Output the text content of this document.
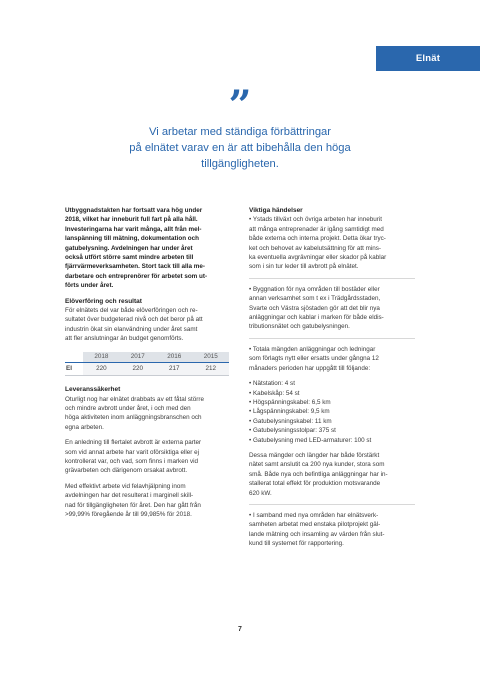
Elnät
”
Vi arbetar med ständiga förbättringar
på elnätet varav en är att bibehålla den höga
tillgängligheten.
Utbyggnadstakten har fortsatt vara hög under
2018, vilket har inneburit full fart på alla håll.
Investeringarna har varit många, allt från mel-
lanspänning till mätning, dokumentation och
gatubelysning. Avdelningen har under året
också utfört större samt mindre arbeten till
fjärrvärmeverksamheten. Stort tack till alla me-
darbetare och entreprenörer för arbetet som ut-
förts under året.
Elöverföring och resultat
För elnätets del var både elöverföringen och re-
sultatet över budgeterad nivå och det beror på att
industrin ökat sin elanvändning under året samt
att fler anslutningar än budget genomförts.
	2018	2017	2016	2015
EI	220	220	217	212
Leveranssäkerhet
Oturligt nog har elnätet drabbats av ett fåtal större
och mindre avbrott under året, i och med den
höga aktiviteten inom anläggningsbranschen och
egna arbeten.
En anledning till flertalet avbrott är externa parter
som vid annat arbete har varit oförsiktiga eller ej
kontrollerat var, och vad, som finns i marken vid
grävarbeten och därigenom orsakat avbrott.
Med effektivt arbete vid felavhjälpning inom
avdelningen har det resulterat i marginell skill-
nad för tillgängligheten för året. Den har gått från
>99,99% föregående år till 99,985% för 2018.
Viktiga händelser
• Ystads tillväxt och övriga arbeten har inneburit
att många entreprenader är igång samtidigt med
både externa och interna projekt. Detta ökar tryc-
ket och behovet av kabelutsättning för att mins-
ka eventuella avgrävningar eller skador på kablar
som i sin tur leder till avbrott på elnätet.
• Byggnation för nya områden till bostäder eller
annan verksamhet som t ex i Trädgårdsstaden,
Svarte och Västra sjöstaden gör att det blir nya
anläggningar och kablar i marken för både eldis-
tributionsnätet och gatubelysningen.
• Totala mängden anläggningar och ledningar
som förlagts nytt eller ersatts under gångna 12
månaders perioden har uppgått till följande:
• Nätstation: 4 st
• Kabelskåp: 54 st
• Högspänningskabel: 6,5 km
• Lågspänningskabel: 9,5 km
• Gatubelysningskabel: 11 km
• Gatubelysningsstolpar: 375 st
• Gatubelysning med LED-armaturer: 100 st
Dessa mängder och längder har både förstärkt
nätet samt anslutit ca 200 nya kunder, stora som
små. Både nya och befintliga anläggningar har in-
stallerat total effekt för produktion motsvarande
620 kW.
• I samband med nya områden har elnätsverk-
samheten arbetat med enstaka pilotprojekt gäl-
lande mätning och insamling av värden från slut-
kund till systemet för rapportering.
7
